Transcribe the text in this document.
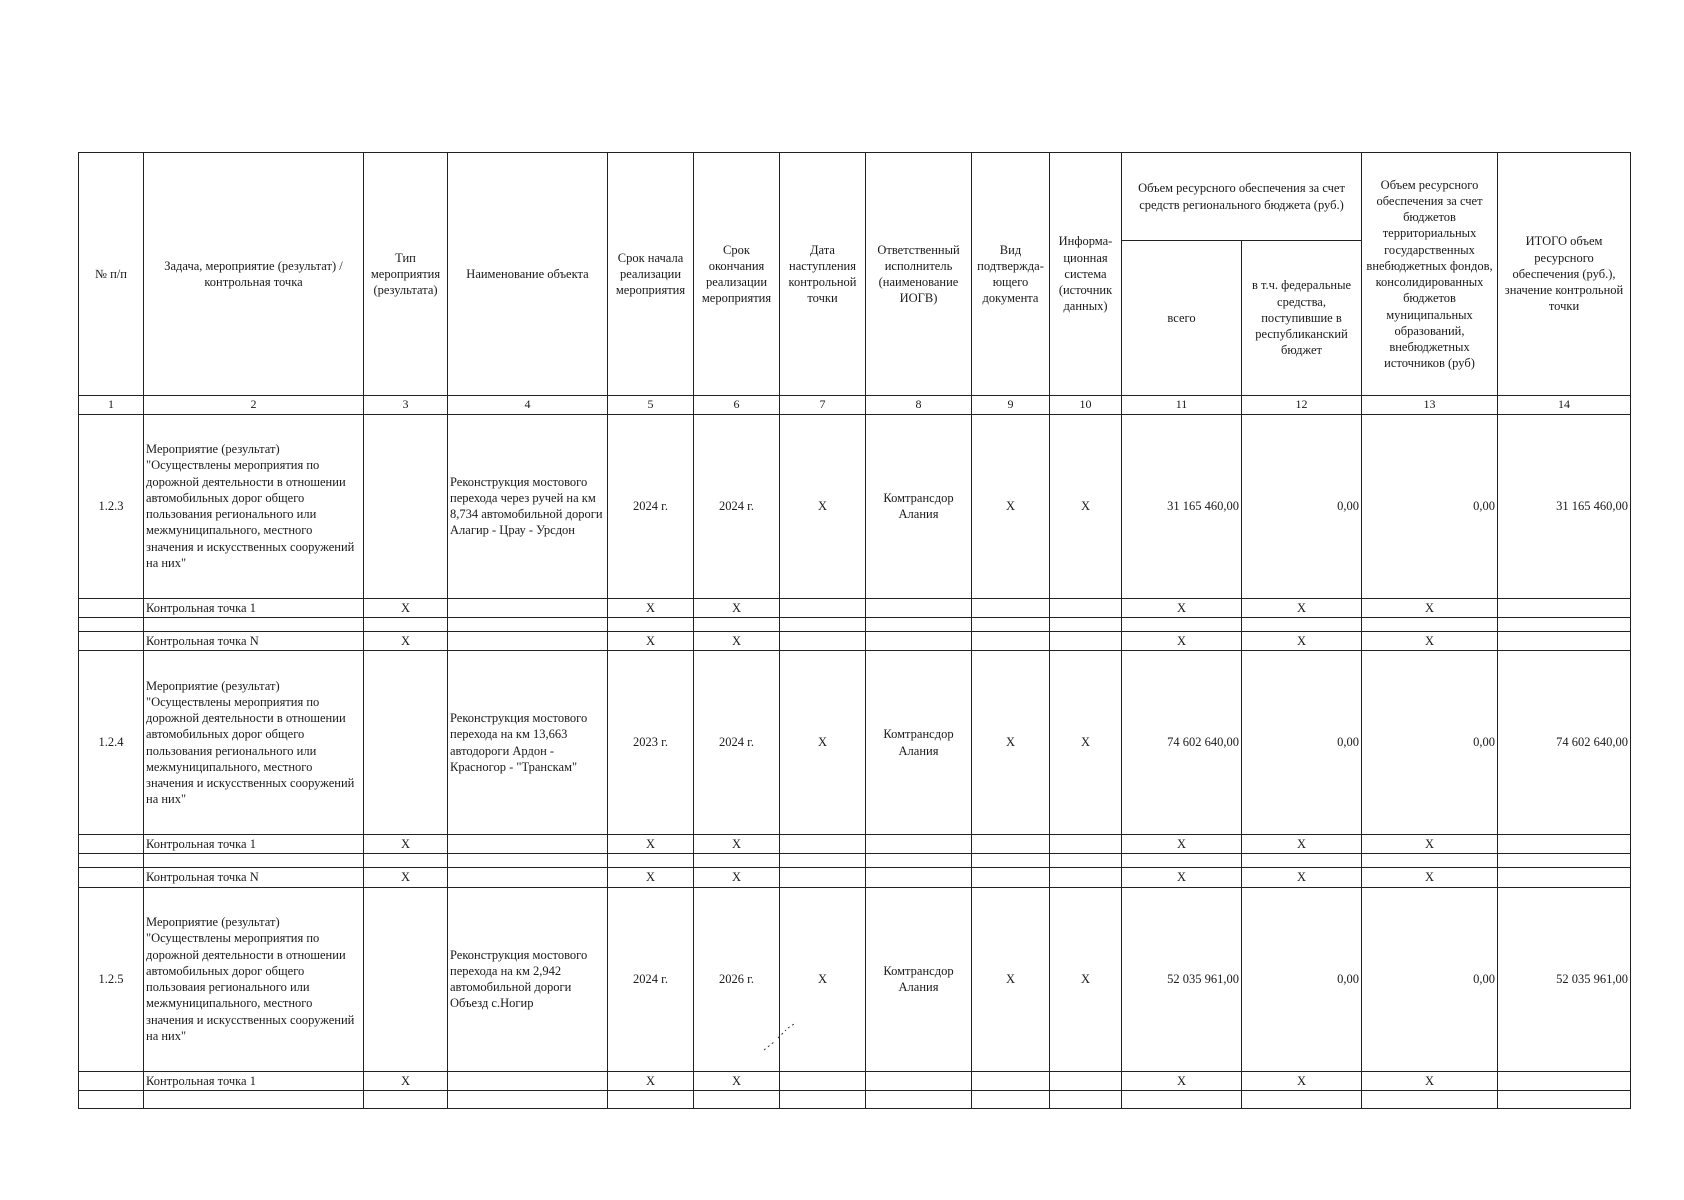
№ п/п	Задача, мероприятие (результат) / контрольная точка	Тип мероприятия (результата)	Наименование объекта	Срок начала реализации мероприятия	Срок окончания реализации мероприятия	Дата наступления контрольной точки	Ответственный исполнитель (наименование ИОГВ)	Вид подтвержда-ющего документа	Информа-ционная система (источник данных)	Объем ресурсного обеспечения за счет средств регионального бюджета (руб.)		Объем ресурсного обеспечения за счет бюджетов территориальных государственных внебюджетных фондов, консолидированных бюджетов муниципальных образований, внебюджетных источников (руб)	ИТОГО объем ресурсного обеспечения (руб.), значение контрольной точки
										всего	в т.ч. федеральные средства, поступившие в республиканский бюджет		
1	2	3	4	5	6	7	8	9	10	11	12	13	14
1.2.3	Мероприятие (результат) "Осуществлены мероприятия по дорожной деятельности в отношении автомобильных дорог общего пользования регионального или межмуниципального, местного значения и искусственных сооружений на них"		Реконструкция мостового перехода через ручей на км 8,734 автомобильной дороги Алагир - Црау - Урсдон	2024 г.	2024 г.	X	Комтрансдор Алания	X	X	31 165 460,00	0,00	0,00	31 165 460,00
	Контрольная точка 1	X		X	X					X	X	X	

	Контрольная точка N	X		X	X					X	X	X	
1.2.4	Мероприятие (результат) "Осуществлены мероприятия по дорожной деятельности в отношении автомобильных дорог общего пользования регионального или межмуниципального, местного значения и искусственных сооружений на них"		Реконструкция мостового перехода на км 13,663 автодороги Ардон - Красногор - "Транскам"	2023 г.	2024 г.	X	Комтрансдор Алания	X	X	74 602 640,00	0,00	0,00	74 602 640,00
	Контрольная точка 1	X		X	X					X	X	X	

	Контрольная точка N	X		X	X					X	X	X	
1.2.5	Мероприятие (результат) "Осуществлены мероприятия по дорожной деятельности в отношении автомобильных дорог общего пользоваия регионального или межмуниципального, местного значения и искусственных сооружений на них"		Реконструкция мостового перехода на км 2,942 автомобильной дороги Объезд с.Ногир	2024 г.	2026 г.	X	Комтрансдор Алания	X	X	52 035 961,00	0,00	0,00	52 035 961,00
	Контрольная точка 1	X		X	X					X	X	X	
